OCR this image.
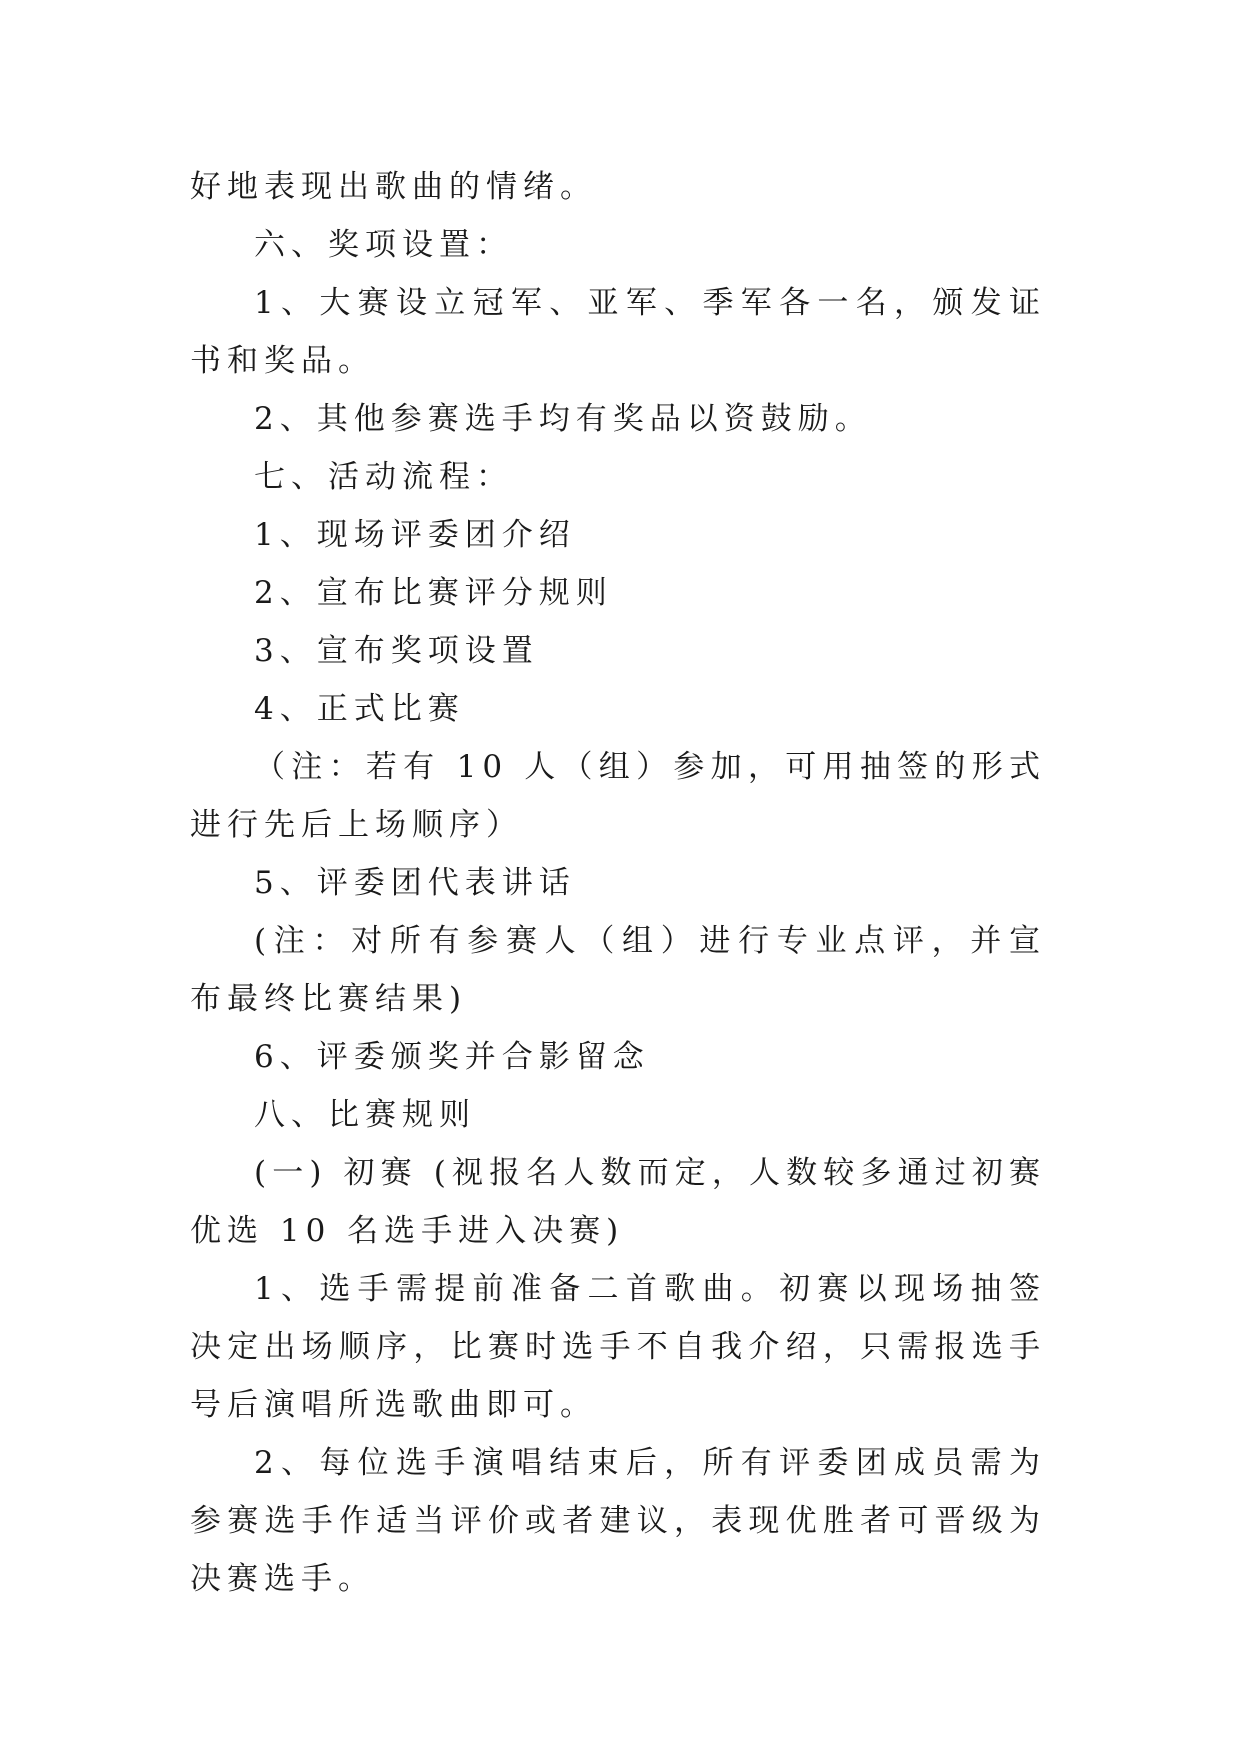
好地表现出歌曲的情绪。

六、奖项设置：

1、大赛设立冠军、亚军、季军各一名，颁发证书和奖品。

2、其他参赛选手均有奖品以资鼓励。

七、活动流程：

1、现场评委团介绍

2、宣布比赛评分规则

3、宣布奖项设置

4、正式比赛

（注：若有 10 人（组）参加，可用抽签的形式进行先后上场顺序）

5、评委团代表讲话

(注：对所有参赛人（组）进行专业点评，并宣布最终比赛结果)

6、评委颁奖并合影留念

八、比赛规则

(一) 初赛 (视报名人数而定，人数较多通过初赛优选 10 名选手进入决赛)

1、选手需提前准备二首歌曲。初赛以现场抽签决定出场顺序，比赛时选手不自我介绍，只需报选手号后演唱所选歌曲即可。

2、每位选手演唱结束后，所有评委团成员需为参赛选手作适当评价或者建议，表现优胜者可晋级为决赛选手。
